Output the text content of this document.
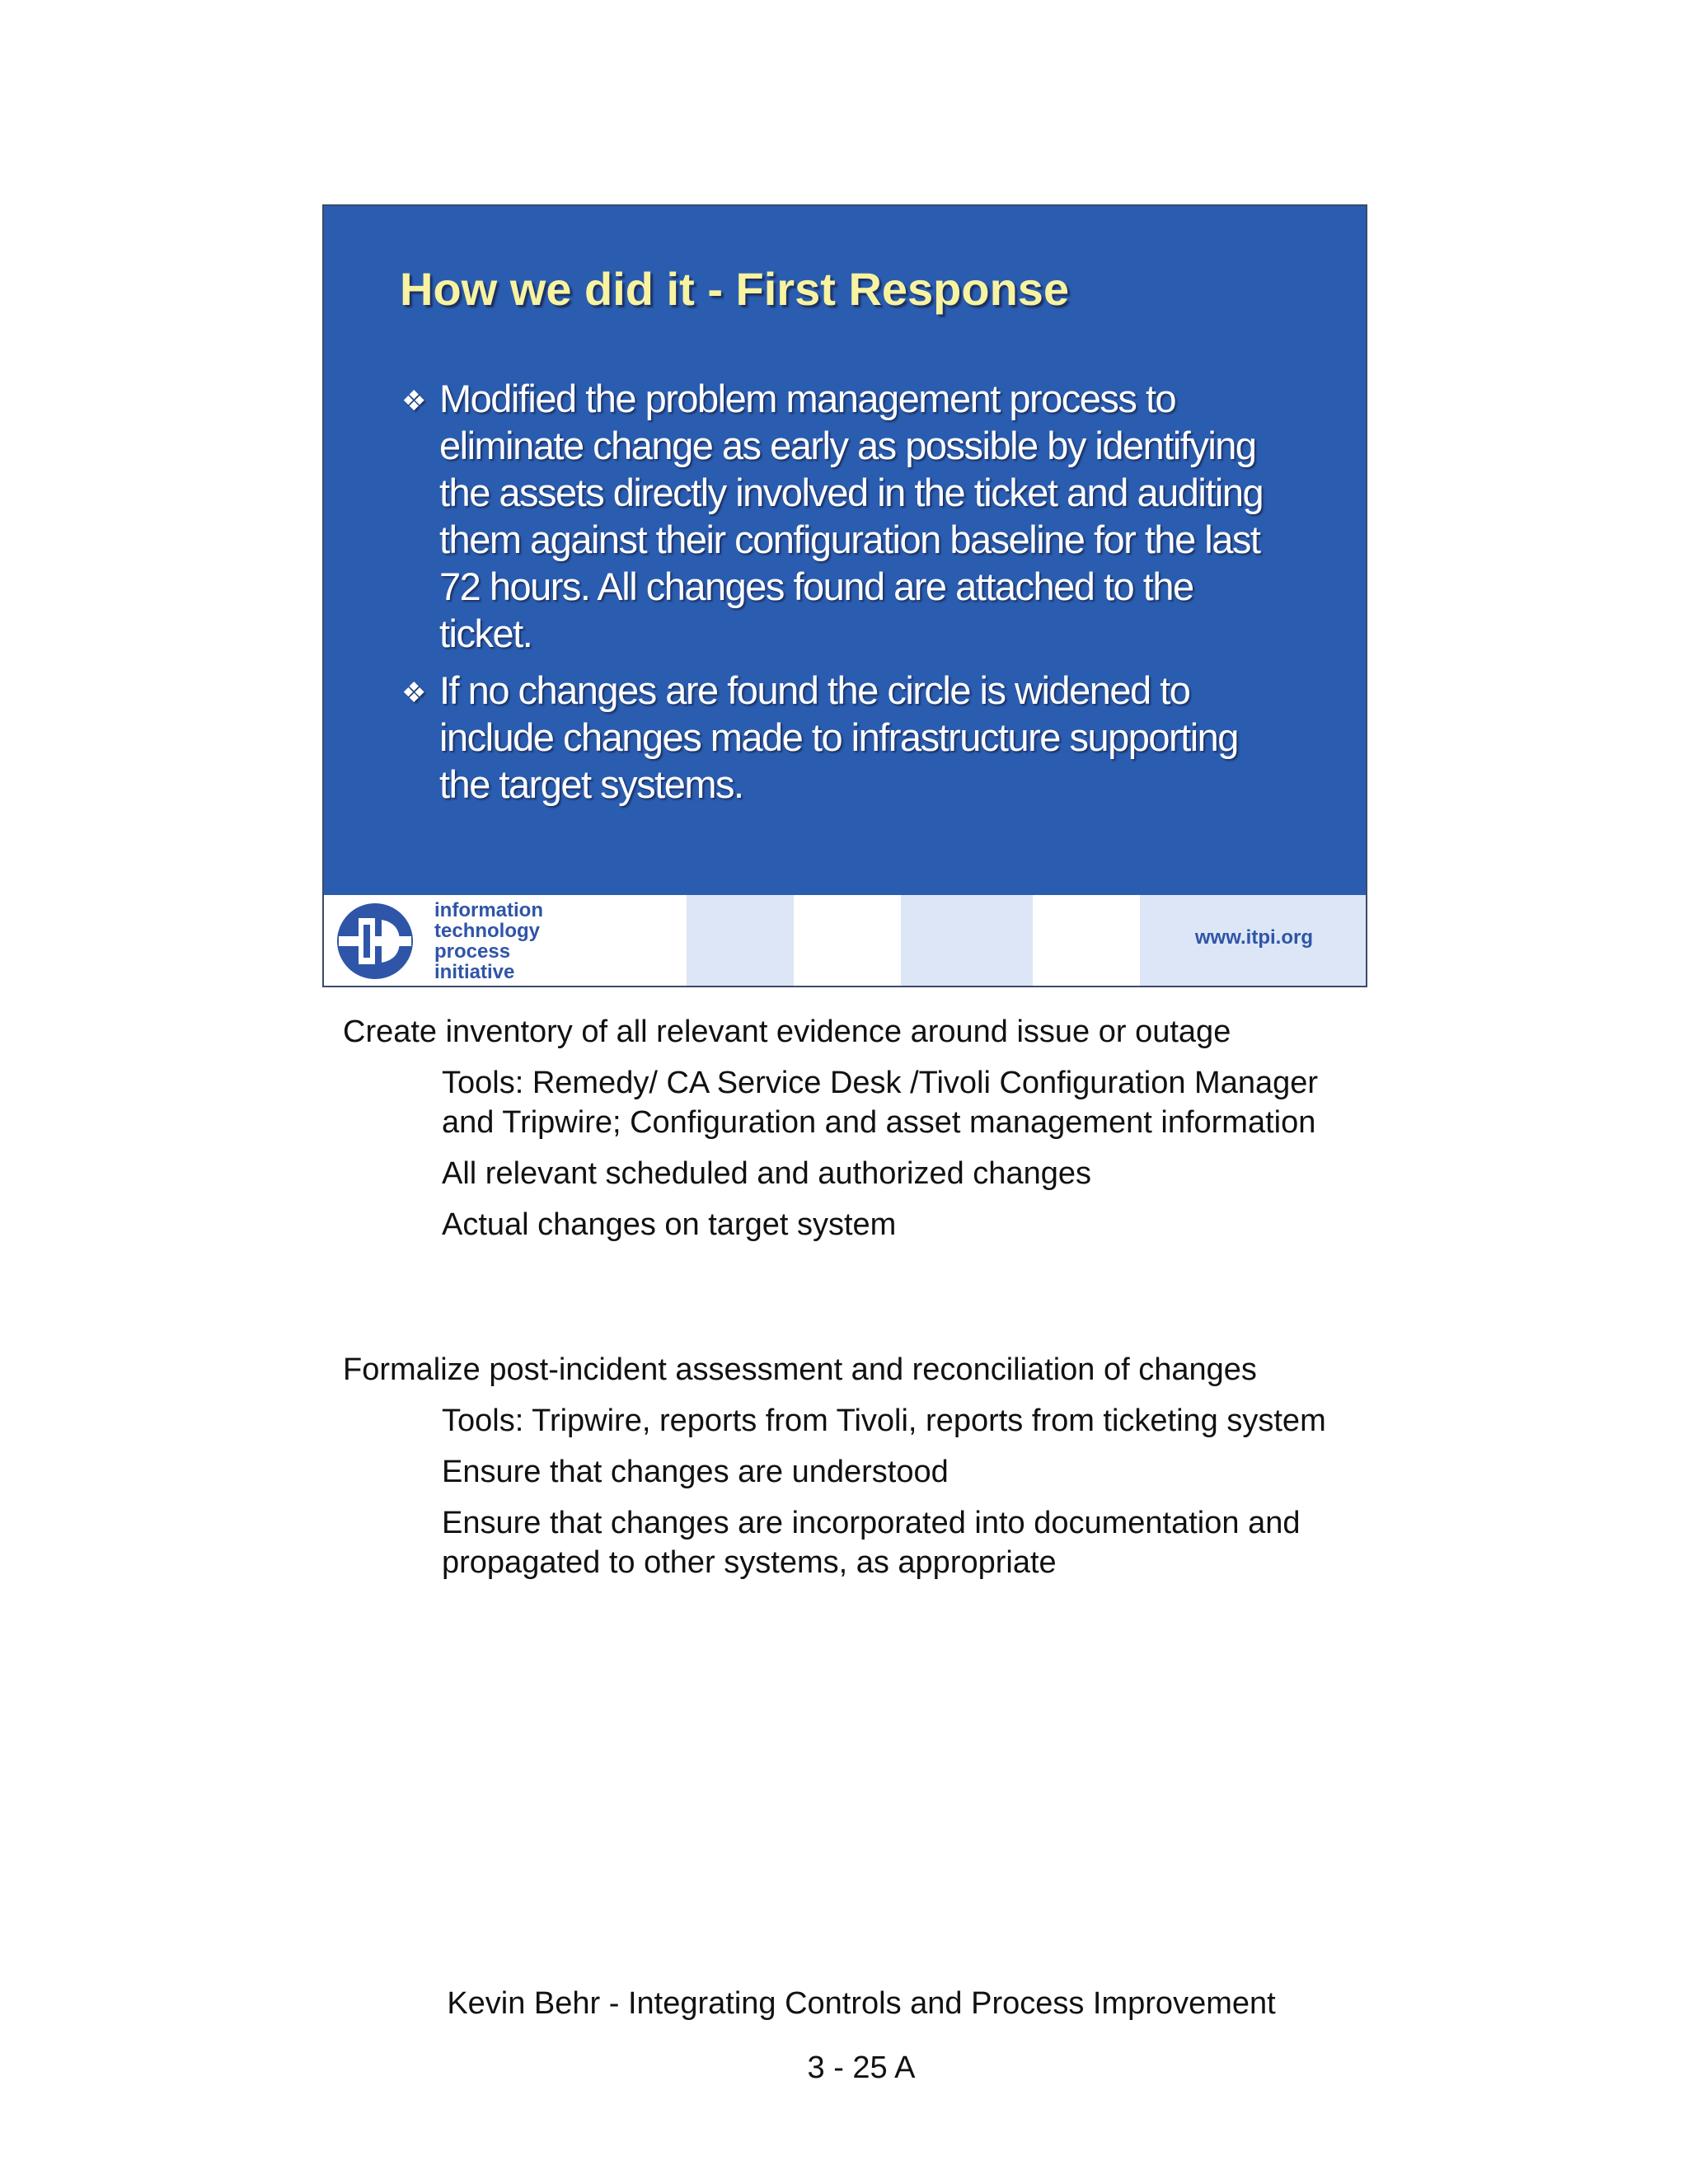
How we did it - First Response
❖ Modified the problem management process to eliminate change as early as possible by identifying the assets directly involved in the ticket and auditing them against their configuration baseline for the last 72 hours. All changes found are attached to the ticket.
❖ If no changes are found the circle is widened to include changes made to infrastructure supporting the target systems.
information
technology
process
initiative
www.itpi.org
Create inventory of all relevant evidence around issue or outage
Tools: Remedy/ CA Service Desk /Tivoli Configuration Manager and Tripwire; Configuration and asset management information
All relevant scheduled and authorized changes
Actual changes on target system
Formalize post-incident assessment and reconciliation of changes
Tools: Tripwire, reports from Tivoli, reports from ticketing system
Ensure that changes are understood
Ensure that changes are incorporated into documentation and propagated to other systems, as appropriate
Kevin Behr - Integrating Controls and Process Improvement
3 - 25 A
